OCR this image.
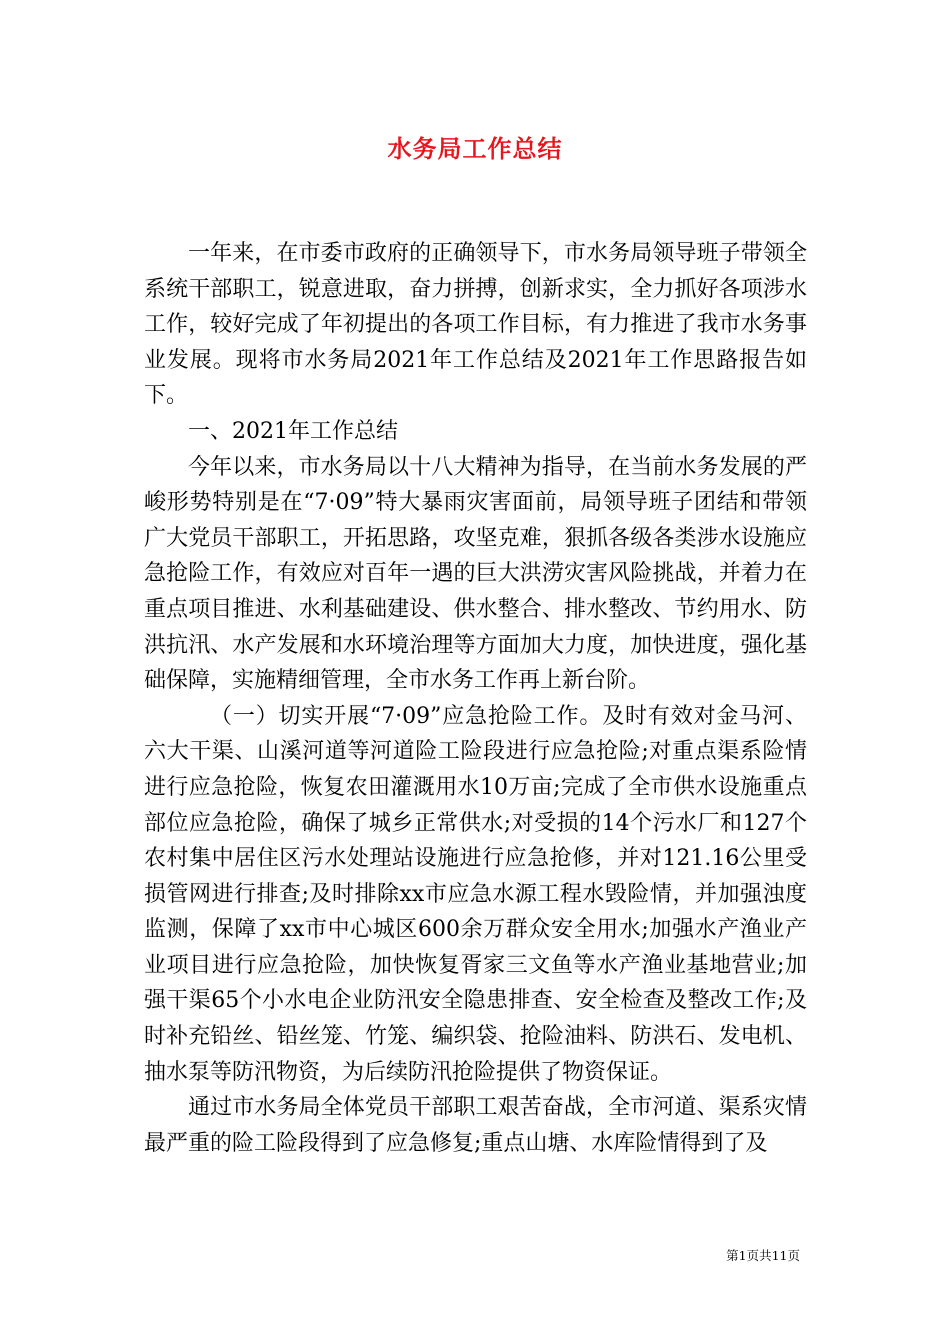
水务局工作总结

一年来，在市委市政府的正确领导下，市水务局领导班子带领全系统干部职工，锐意进取，奋力拼搏，创新求实，全力抓好各项涉水工作，较好完成了年初提出的各项工作目标，有力推进了我市水务事业发展。现将市水务局2021年工作总结及2021年工作思路报告如下。

一、2021年工作总结

今年以来，市水务局以十八大精神为指导，在当前水务发展的严峻形势特别是在“7·09”特大暴雨灾害面前，局领导班子团结和带领广大党员干部职工，开拓思路，攻坚克难，狠抓各级各类涉水设施应急抢险工作，有效应对百年一遇的巨大洪涝灾害风险挑战，并着力在重点项目推进、水利基础建设、供水整合、排水整改、节约用水、防洪抗汛、水产发展和水环境治理等方面加大力度，加快进度，强化基础保障，实施精细管理，全市水务工作再上新台阶。

（一）切实开展“7·09”应急抢险工作。及时有效对金马河、六大干渠、山溪河道等河道险工险段进行应急抢险;对重点渠系险情进行应急抢险，恢复农田灌溉用水10万亩;完成了全市供水设施重点部位应急抢险，确保了城乡正常供水;对受损的14个污水厂和127个农村集中居住区污水处理站设施进行应急抢修，并对121.16公里受损管网进行排查;及时排除xx市应急水源工程水毁险情，并加强浊度监测，保障了xx市中心城区600余万群众安全用水;加强水产渔业产业项目进行应急抢险，加快恢复胥家三文鱼等水产渔业基地营业;加强干渠65个小水电企业防汛安全隐患排查、安全检查及整改工作;及时补充铅丝、铅丝笼、竹笼、编织袋、抢险油料、防洪石、发电机、抽水泵等防汛物资，为后续防汛抢险提供了物资保证。

通过市水务局全体党员干部职工艰苦奋战，全市河道、渠系灾情最严重的险工险段得到了应急修复;重点山塘、水库险情得到了及

第1页共11页
